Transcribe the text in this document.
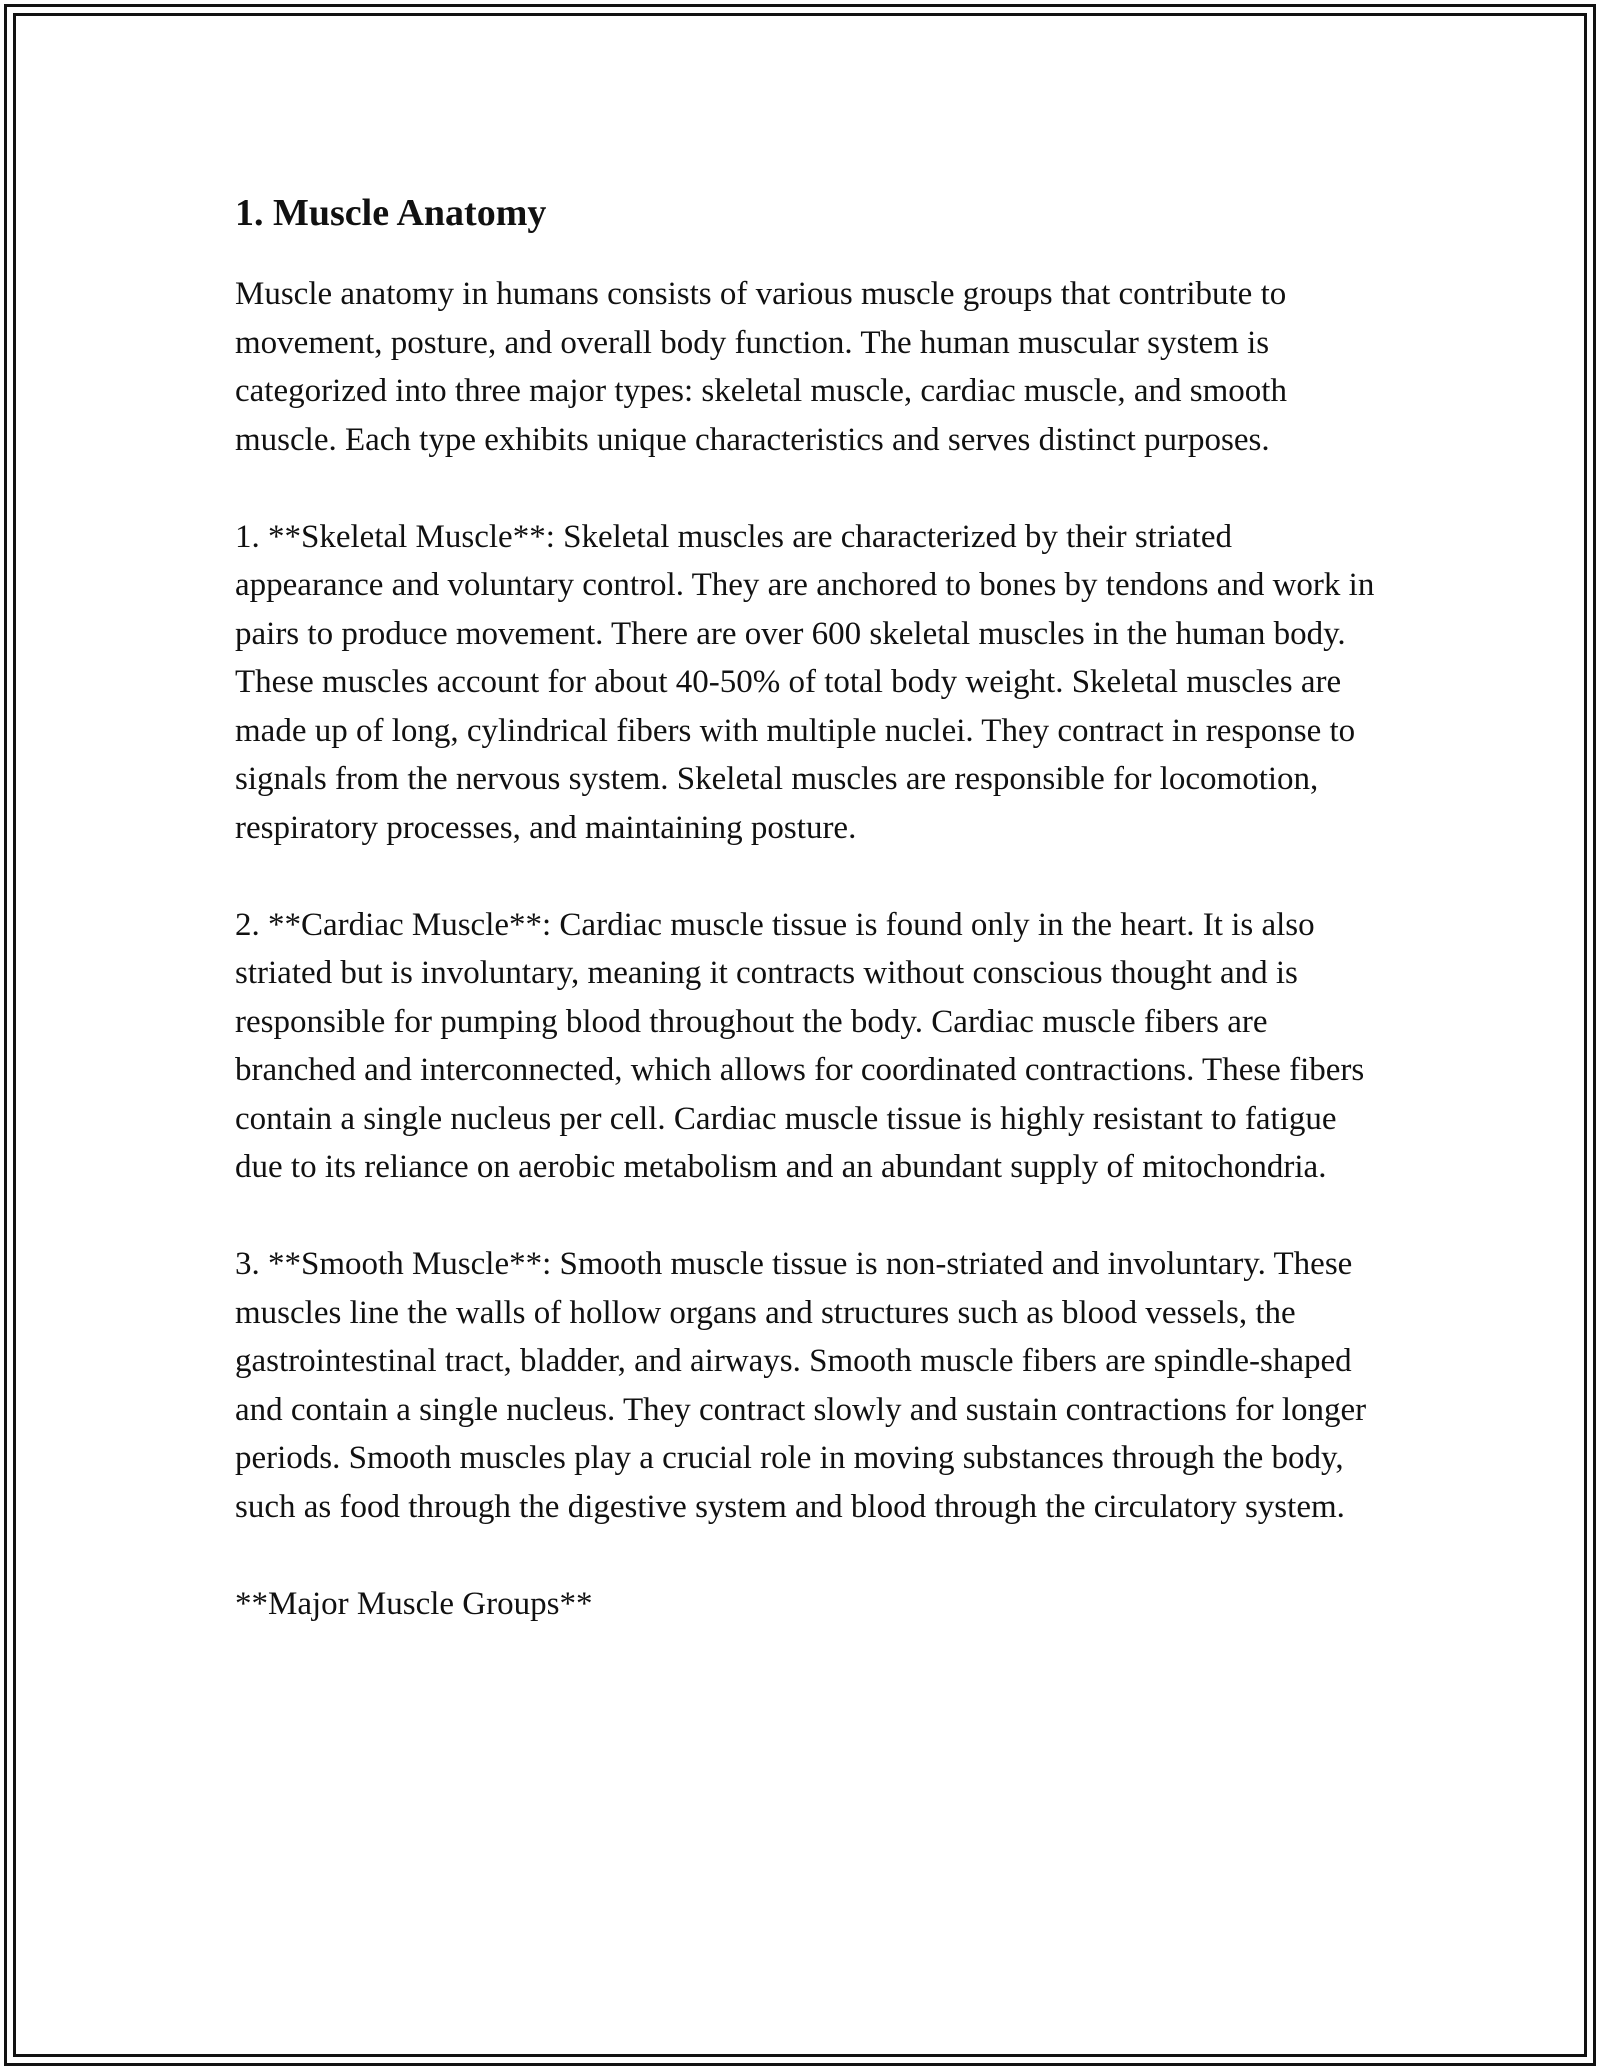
1. Muscle Anatomy

Muscle anatomy in humans consists of various muscle groups that contribute to movement, posture, and overall body function. The human muscular system is categorized into three major types: skeletal muscle, cardiac muscle, and smooth muscle. Each type exhibits unique characteristics and serves distinct purposes.

1. **Skeletal Muscle**: Skeletal muscles are characterized by their striated appearance and voluntary control. They are anchored to bones by tendons and work in pairs to produce movement. There are over 600 skeletal muscles in the human body. These muscles account for about 40-50% of total body weight. Skeletal muscles are made up of long, cylindrical fibers with multiple nuclei. They contract in response to signals from the nervous system. Skeletal muscles are responsible for locomotion, respiratory processes, and maintaining posture.

2. **Cardiac Muscle**: Cardiac muscle tissue is found only in the heart. It is also striated but is involuntary, meaning it contracts without conscious thought and is responsible for pumping blood throughout the body. Cardiac muscle fibers are branched and interconnected, which allows for coordinated contractions. These fibers contain a single nucleus per cell. Cardiac muscle tissue is highly resistant to fatigue due to its reliance on aerobic metabolism and an abundant supply of mitochondria.

3. **Smooth Muscle**: Smooth muscle tissue is non-striated and involuntary. These muscles line the walls of hollow organs and structures such as blood vessels, the gastrointestinal tract, bladder, and airways. Smooth muscle fibers are spindle-shaped and contain a single nucleus. They contract slowly and sustain contractions for longer periods. Smooth muscles play a crucial role in moving substances through the body, such as food through the digestive system and blood through the circulatory system.

**Major Muscle Groups**
